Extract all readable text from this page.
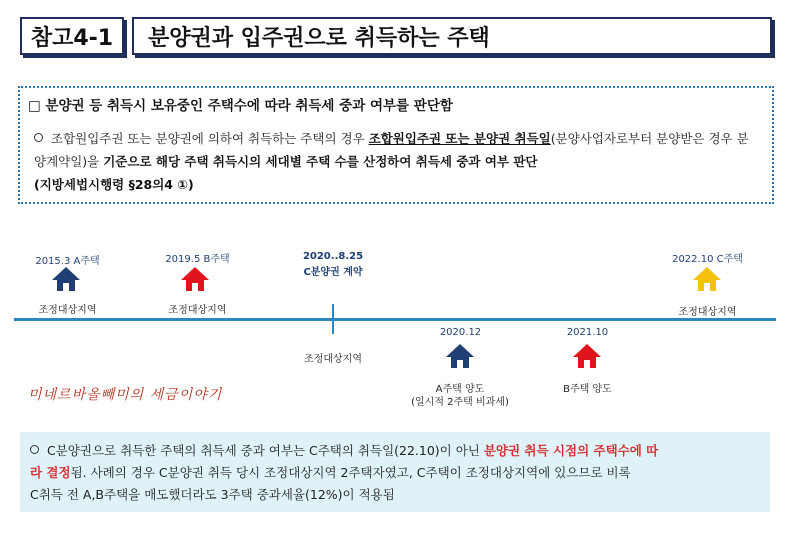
참고4-1	분양권과 입주권으로 취득하는 주택
□ 분양권 등 취득시 보유중인 주택수에 따라 취득세 중과 여부를 판단함
조합원입주권 또는 분양권에 의하여 취득하는 주택의 경우 조합원입주권 또는 분양권 취득일(분양사업자로부터 분양받은 경우 분양계약일)을 기준으로 해당 주택 취득시의 세대별 주택 수를 산정하여 취득세 중과 여부 판단
(지방세법시행령 §28의4 ①)
2015.3 A주택
조정대상지역
2019.5 B주택
조정대상지역
2020..8.25
C분양권 계약
조정대상지역
2022.10 C주택
조정대상지역
2020.12
A주택 양도
(일시적 2주택 비과세)
2021.10
B주택 양도
미네르바올빼미의 세금이야기
C분양권으로 취득한 주택의 취득세 중과 여부는 C주택의 취득일(22.10)이 아닌 분양권 취득 시점의 주택수에 따
라 결정됨. 사례의 경우 C분양권 취득 당시 조정대상지역 2주택자였고, C주택이 조정대상지역에 있으므로 비록
C취득 전 A,B주택을 매도했더라도 3주택 중과세율(12%)이 적용됨
